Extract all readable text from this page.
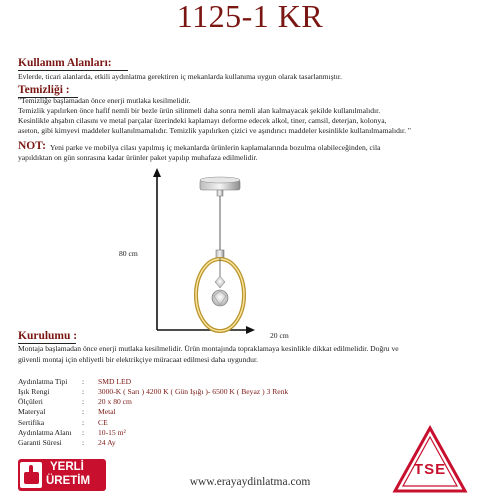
1125-1 KR
Kullanım Alanları:
Evlerde, ticari alanlarda, etkili aydınlatma gerektiren iç mekanlarda kullanıma uygun olarak tasarlanmıştır.
Temizliği :
"Temizliğe başlamadan önce enerji mutlaka kesilmelidir.
Temizlik yapılırken önce hafif nemli bir bezle ürün silinmeli daha sonra nemli alan kalmayacak şekilde kullanılmalıdır.
Kesinlikle ahşabın cilasını ve metal parçalar üzerindeki kaplamayı deforme edecek alkol, tiner, camsil, deterjan, kolonya,
aseton, gibi kimyevi maddeler kullanılmamalıdır. Temizlik yapılırken çizici ve aşındırıcı maddeler kesinlikle kullanılmamalıdır. "
NOT: Yeni parke ve mobilya cilası yapılmış iç mekanlarda ürünlerin kaplamalarında bozulma olabileceğinden, cila
yapıldıktan on gün sonrasına kadar ürünler paket yapılıp muhafaza edilmelidir.
80 cm
20 cm
Kurulumu :
Montaja başlamadan önce enerji mutlaka kesilmelidir. Ürün montajında topraklamaya kesinlikle dikkat edilmelidir. Doğru ve
güvenli montaj için ehliyetli bir elektrikçiye müracaat edilmesi daha uygundur.
Aydınlatma Tipi : SMD LED
Işık Rengi	: 3000-K ( Sarı ) 4200 K ( Gün Işığı )- 6500 K ( Beyaz ) 3 Renk
Ölçüleri	: 20 x 80 cm
Materyal	: Metal
Sertifika	: CE
Aydınlatma Alanı : 10-15 m²
Garanti Süresi	: 24 Ay
YERLİ
ÜRETİM
TSE
www.erayaydinlatma.com
